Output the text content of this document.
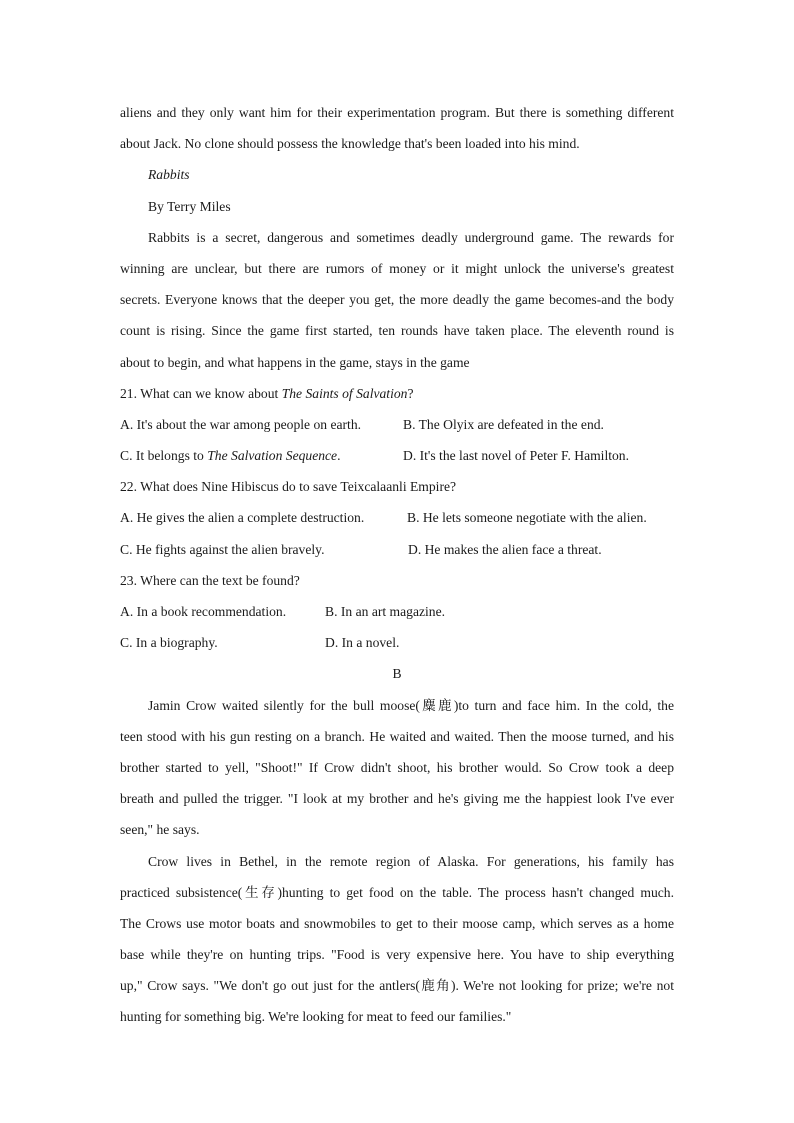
aliens and they only want him for their experimentation program. But there is something different
about Jack. No clone should possess the knowledge that's been loaded into his mind.
Rabbits
By Terry Miles
Rabbits is a secret, dangerous and sometimes deadly underground game. The rewards for
winning are unclear, but there are rumors of money or it might unlock the universe's greatest
secrets. Everyone knows that the deeper you get, the more deadly the game becomes-and the body
count is rising. Since the game first started, ten rounds have taken place. The eleventh round is
about to begin, and what happens in the game, stays in the game
21. What can we know about The Saints of Salvation?
A. It's about the war among people on earth.	B. The Olyix are defeated in the end.
C. It belongs to The Salvation Sequence.	D. It's the last novel of Peter F. Hamilton.
22. What does Nine Hibiscus do to save Teixcalaanli Empire?
A. He gives the alien a complete destruction.	B. He lets someone negotiate with the alien.
C. He fights against the alien bravely.	D. He makes the alien face a threat.
23. Where can the text be found?
A. In a book recommendation.	B. In an art magazine.
C. In a biography.	D. In a novel.
B
Jamin Crow waited silently for the bull moose(麋鹿)to turn and face him. In the cold, the
teen stood with his gun resting on a branch. He waited and waited. Then the moose turned, and his
brother started to yell, "Shoot!" If Crow didn't shoot, his brother would. So Crow took a deep
breath and pulled the trigger. "I look at my brother and he's giving me the happiest look I've ever
seen," he says.
Crow lives in Bethel, in the remote region of Alaska. For generations, his family has
practiced subsistence(生存)hunting to get food on the table. The process hasn't changed much.
The Crows use motor boats and snowmobiles to get to their moose camp, which serves as a home
base while they're on hunting trips. "Food is very expensive here. You have to ship everything
up," Crow says. "We don't go out just for the antlers(鹿角). We're not looking for prize; we're not
hunting for something big. We're looking for meat to feed our families."
